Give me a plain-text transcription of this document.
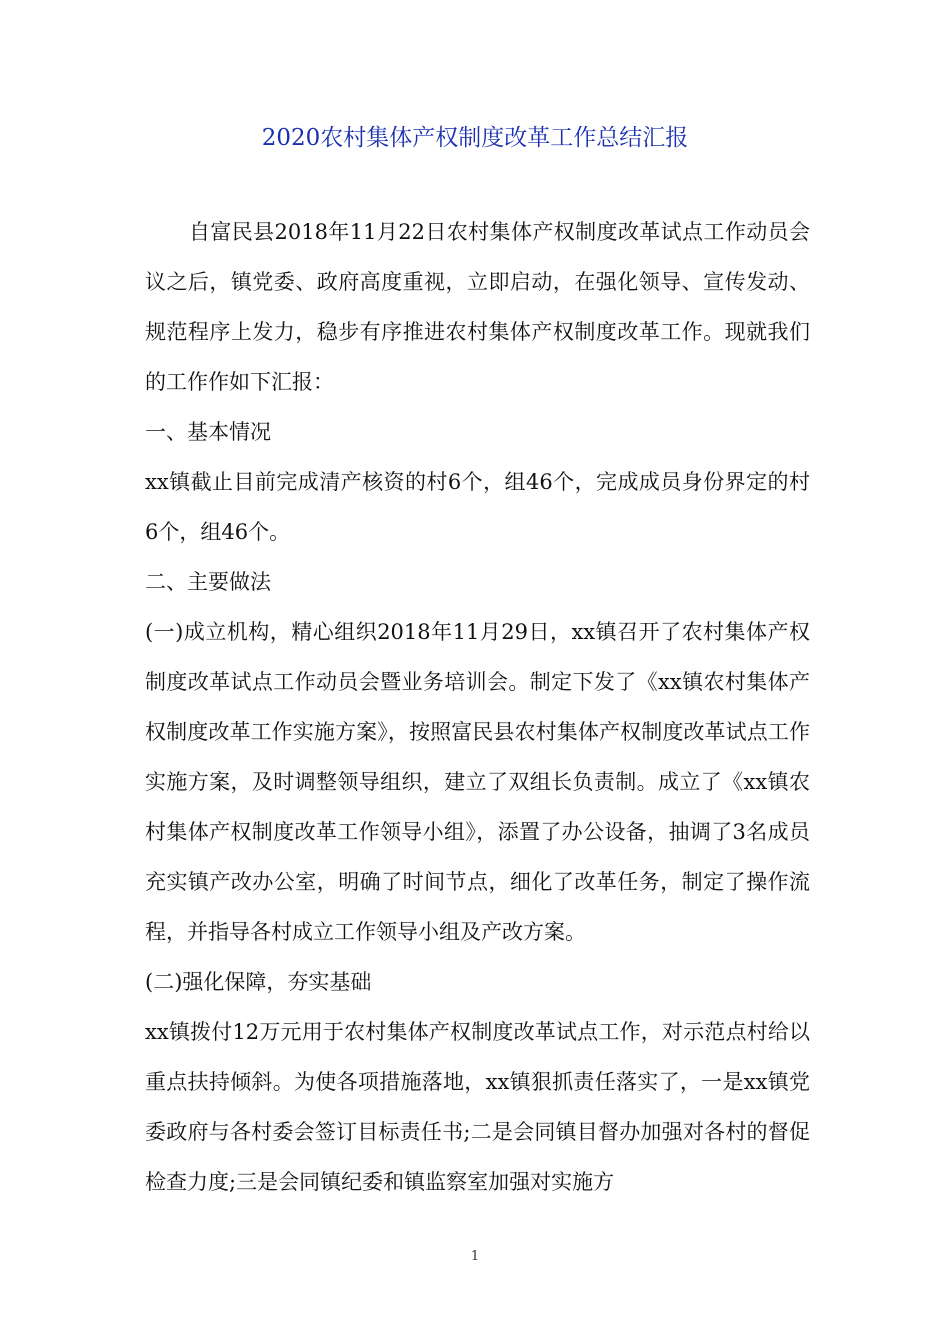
2020农村集体产权制度改革工作总结汇报

自富民县2018年11月22日农村集体产权制度改革试点工作动员会议之后，镇党委、政府高度重视，立即启动，在强化领导、宣传发动、规范程序上发力，稳步有序推进农村集体产权制度改革工作。现就我们的工作作如下汇报：

一、基本情况

xx镇截止目前完成清产核资的村6个，组46个，完成成员身份界定的村6个，组46个。

二、主要做法

(一)成立机构，精心组织2018年11月29日，xx镇召开了农村集体产权制度改革试点工作动员会暨业务培训会。制定下发了《xx镇农村集体产权制度改革工作实施方案》，按照富民县农村集体产权制度改革试点工作实施方案，及时调整领导组织，建立了双组长负责制。成立了《xx镇农村集体产权制度改革工作领导小组》，添置了办公设备，抽调了3名成员充实镇产改办公室，明确了时间节点，细化了改革任务，制定了操作流程，并指导各村成立工作领导小组及产改方案。

(二)强化保障，夯实基础

xx镇拨付12万元用于农村集体产权制度改革试点工作，对示范点村给以重点扶持倾斜。为使各项措施落地，xx镇狠抓责任落实了，一是xx镇党委政府与各村委会签订目标责任书;二是会同镇目督办加强对各村的督促检查力度;三是会同镇纪委和镇监察室加强对实施方

1
